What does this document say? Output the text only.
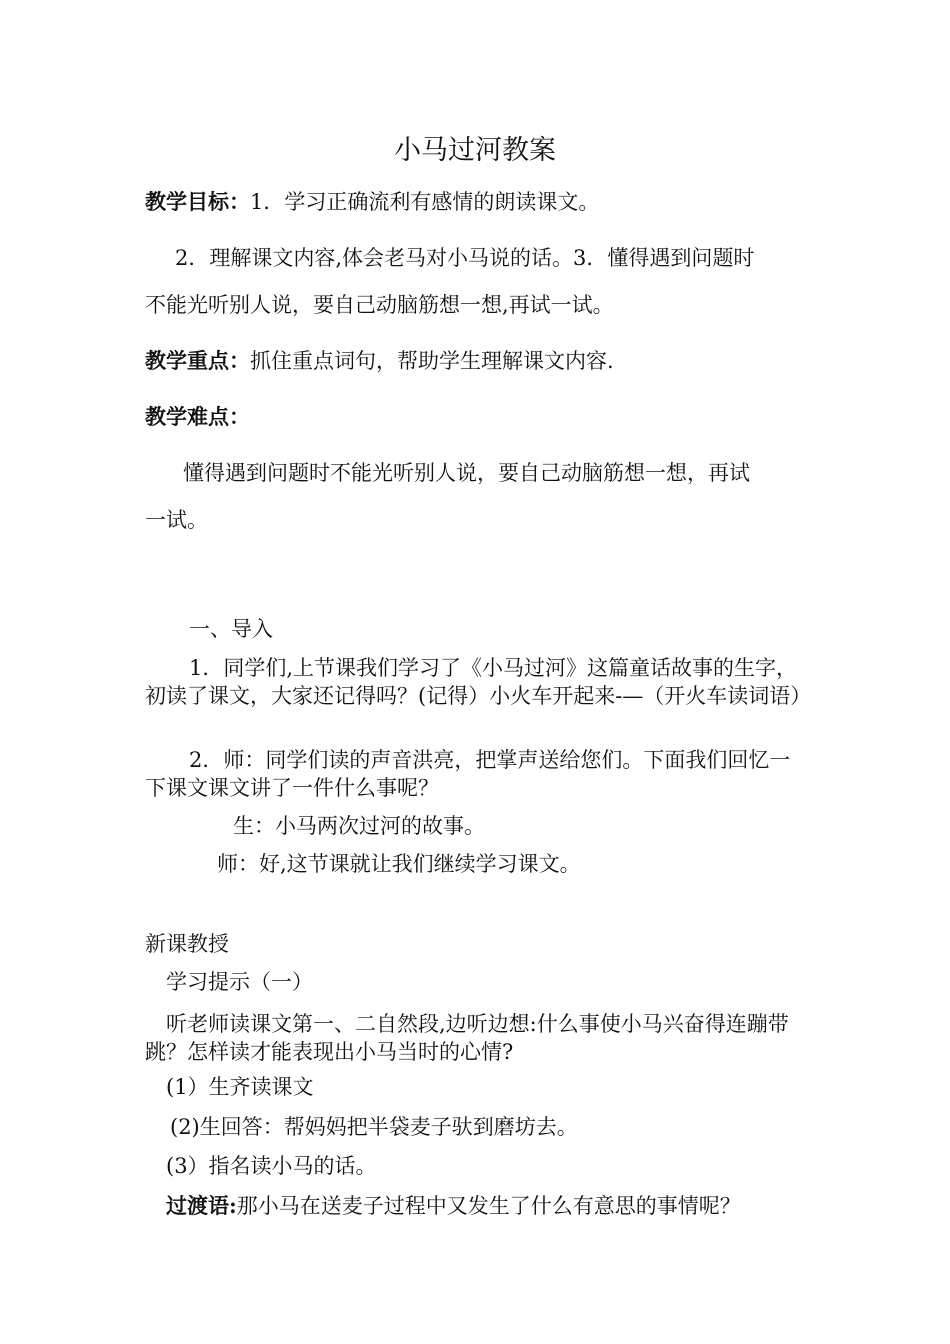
小马过河教案
教学目标：1．学习正确流利有感情的朗读课文。
2．理解课文内容,体会老马对小马说的话。3．懂得遇到问题时
不能光听别人说，要自己动脑筋想一想,再试一试。
教学重点：抓住重点词句，帮助学生理解课文内容.
教学难点：
懂得遇到问题时不能光听别人说，要自己动脑筋想一想，再试
一试。
一、导入
1．同学们,上节课我们学习了《小马过河》这篇童话故事的生字，初读了课文，大家还记得吗？(记得）小火车开起来-—（开火车读词语）
2．师：同学们读的声音洪亮，把掌声送给您们。下面我们回忆一下课文课文讲了一件什么事呢？
生：小马两次过河的故事。
师：好,这节课就让我们继续学习课文。
新课教授
学习提示（一）
听老师读课文第一、二自然段,边听边想:什么事使小马兴奋得连蹦带跳？怎样读才能表现出小马当时的心情?
(1）生齐读课文
(2)生回答：帮妈妈把半袋麦子驮到磨坊去。
(3）指名读小马的话。
过渡语:那小马在送麦子过程中又发生了什么有意思的事情呢？
